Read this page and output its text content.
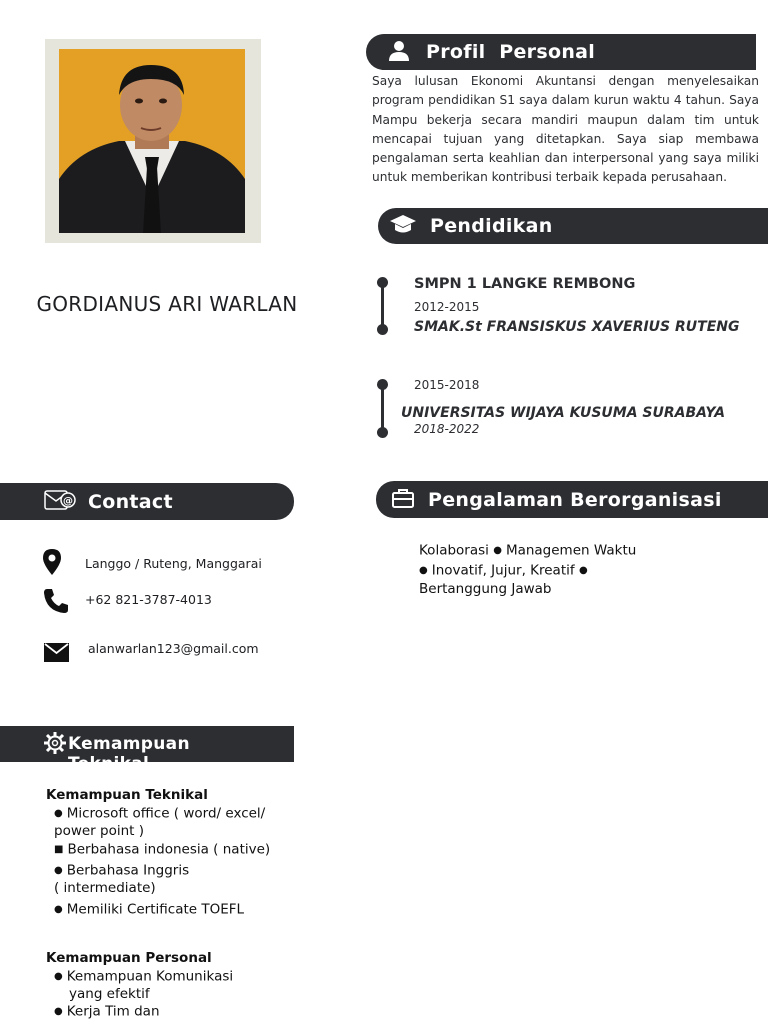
GORDIANUS ARI WARLAN
Profil  Personal
Saya lulusan Ekonomi Akuntansi dengan menyelesaikan program pendidikan S1 saya dalam kurun waktu 4 tahun. Saya Mampu bekerja secara mandiri maupun dalam tim untuk mencapai tujuan yang ditetapkan. Saya siap membawa pengalaman serta keahlian dan interpersonal yang saya miliki untuk memberikan kontribusi terbaik kepada perusahaan.
Pendidikan
SMPN 1 LANGKE REMBONG
2012-2015
SMAK.St FRANSISKUS XAVERIUS RUTENG
2015-2018
UNIVERSITAS WIJAYA KUSUMA SURABAYA
2018-2022
Pengalaman Berorganisasi
Kolaborasi ● Managemen Waktu
● Inovatif, Jujur, Kreatif ●
Bertanggung Jawab
@ Contact
Langgo / Ruteng, Manggarai
+62 821-3787-4013
alanwarlan123@gmail.com
Kemampuan
Teknikal
Kemampuan Teknikal
● Microsoft office ( word/ excel/
power point )
■ Berbahasa indonesia ( native)
● Berbahasa Inggris
( intermediate)
● Memiliki Certificate TOEFL
Kemampuan Personal
● Kemampuan Komunikasi
yang efektif
● Kerja Tim dan
